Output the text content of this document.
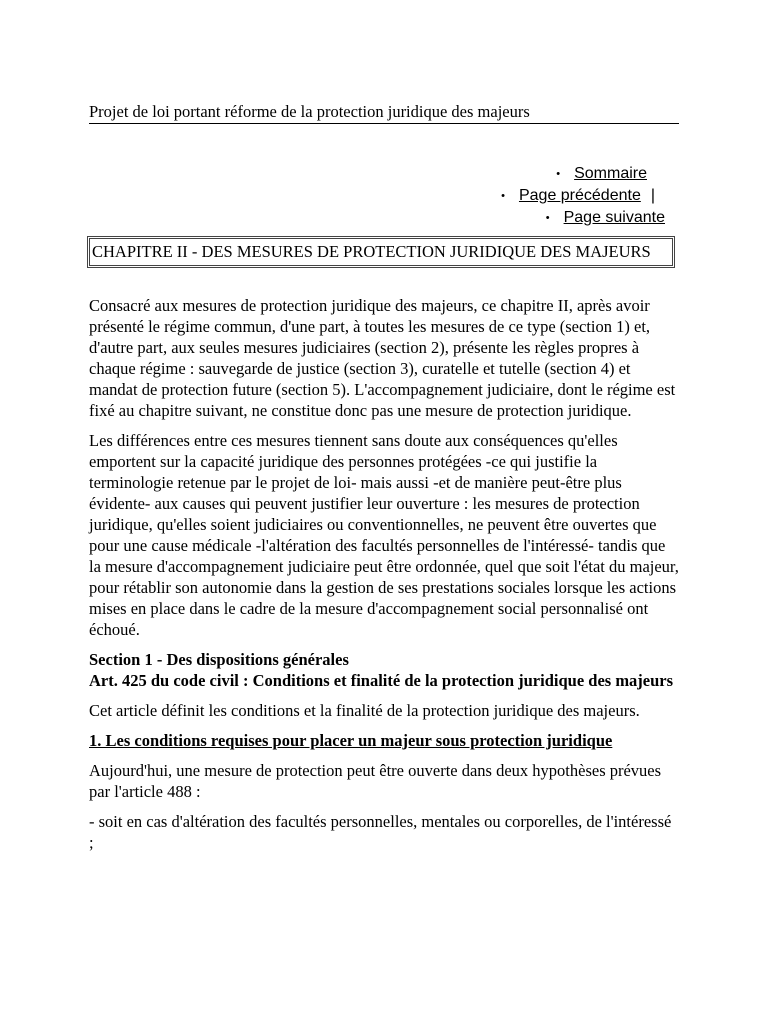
Projet de loi portant réforme de la protection juridique des majeurs
• Sommaire
• Page précédente |
• Page suivante
CHAPITRE II - DES MESURES DE PROTECTION JURIDIQUE DES MAJEURS

Consacré aux mesures de protection juridique des majeurs, ce chapitre II, après avoir présenté le régime commun, d'une part, à toutes les mesures de ce type (section 1) et, d'autre part, aux seules mesures judiciaires (section 2), présente les règles propres à chaque régime : sauvegarde de justice (section 3), curatelle et tutelle (section 4) et mandat de protection future (section 5). L'accompagnement judiciaire, dont le régime est fixé au chapitre suivant, ne constitue donc pas une mesure de protection juridique.

Les différences entre ces mesures tiennent sans doute aux conséquences qu'elles emportent sur la capacité juridique des personnes protégées -ce qui justifie la terminologie retenue par le projet de loi- mais aussi -et de manière peut-être plus évidente- aux causes qui peuvent justifier leur ouverture : les mesures de protection juridique, qu'elles soient judiciaires ou conventionnelles, ne peuvent être ouvertes que pour une cause médicale -l'altération des facultés personnelles de l'intéressé- tandis que la mesure d'accompagnement judiciaire peut être ordonnée, quel que soit l'état du majeur, pour rétablir son autonomie dans la gestion de ses prestations sociales lorsque les actions mises en place dans le cadre de la mesure d'accompagnement social personnalisé ont échoué.

Section 1 - Des dispositions générales
Art. 425 du code civil : Conditions et finalité de la protection juridique des majeurs

Cet article définit les conditions et la finalité de la protection juridique des majeurs.

1. Les conditions requises pour placer un majeur sous protection juridique

Aujourd'hui, une mesure de protection peut être ouverte dans deux hypothèses prévues par l'article 488 :

- soit en cas d'altération des facultés personnelles, mentales ou corporelles, de l'intéressé ;
